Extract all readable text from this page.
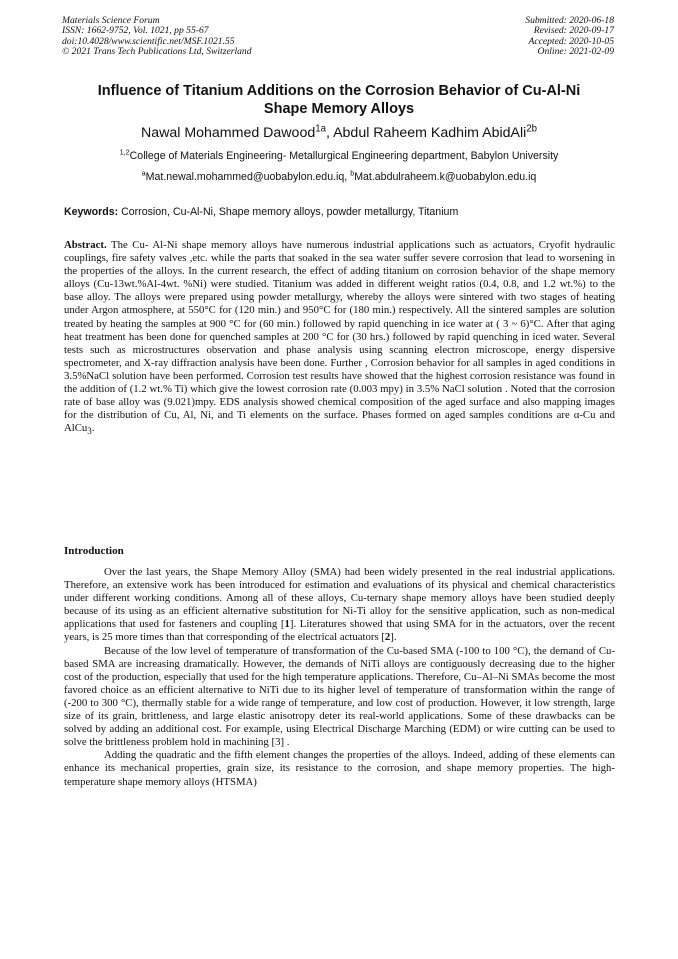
Materials Science Forum
ISSN: 1662-9752, Vol. 1021, pp 55-67
doi:10.4028/www.scientific.net/MSF.1021.55
© 2021 Trans Tech Publications Ltd, Switzerland
Submitted: 2020-06-18
Revised: 2020-09-17
Accepted: 2020-10-05
Online: 2021-02-09
Influence of Titanium Additions on the Corrosion Behavior of Cu-Al-Ni
Shape Memory Alloys
Nawal Mohammed Dawood$^{1a}$, Abdul Raheem Kadhim AbidAli$^{2b}$
$^{1,2}$College of Materials Engineering- Metallurgical Engineering department, Babylon University
$^a$Mat.newal.mohammed@uobabylon.edu.iq, $^b$Mat.abdulraheem.k@uobabylon.edu.iq
Keywords: Corrosion, Cu-Al-Ni, Shape memory alloys, powder metallurgy, Titanium
Abstract. The Cu- Al-Ni shape memory alloys have numerous industrial applications such as actuators, Cryofit hydraulic couplings, fire safety valves ,etc. while the parts that soaked in the sea water suffer severe corrosion that lead to worsening in the properties of the alloys. In the current research, the effect of adding titanium on corrosion behavior of the shape memory alloys (Cu-13wt.%Al-4wt. %Ni) were studied. Titanium was added in different weight ratios (0.4, 0.8, and 1.2 wt.%) to the base alloy. The alloys were prepared using powder metallurgy, whereby the alloys were sintered with two stages of heating under Argon atmosphere, at 550°C for (120 min.) and 950°C for (180 min.) respectively. All the sintered samples are solution treated by heating the samples at 900 °C for (60 min.) followed by rapid quenching in ice water at ( 3 ~ 6)°C. After that aging heat treatment has been done for quenched samples at 200 °C for (30 hrs.) followed by rapid quenching in iced water. Several tests such as microstructures observation and phase analysis using scanning electron microscope, energy dispersive spectrometer, and X-ray diffraction analysis have been done. Further , Corrosion behavior for all samples in aged conditions in 3.5%NaCl solution have been performed. Corrosion test results have showed that the highest corrosion resistance was found in the addition of (1.2 wt.% Ti) which give the lowest corrosion rate (0.003 mpy) in 3.5% NaCl solution . Noted that the corrosion rate of base alloy was (9.021)mpy. EDS analysis showed chemical composition of the aged surface and also mapping images for the distribution of Cu, Al, Ni, and Ti elements on the surface. Phases formed on aged samples conditions are α-Cu and AlCu$_3$.
Introduction

Over the last years, the Shape Memory Alloy (SMA) had been widely presented in the real industrial applications. Therefore, an extensive work has been introduced for estimation and evaluations of its physical and chemical characteristics under different working conditions. Among all of these alloys, Cu-ternary shape memory alloys have been studied deeply because of its using as an efficient alternative substitution for Ni-Ti alloy for the sensitive application, such as non-medical applications that used for fasteners and coupling [1]. Literatures showed that using SMA for in the actuators, over the recent years, is 25 more times than that corresponding of the electrical actuators [2].

Because of the low level of temperature of transformation of the Cu-based SMA (-100 to 100 °C), the demand of Cu-based SMA are increasing dramatically. However, the demands of NiTi alloys are contiguously decreasing due to the higher cost of the production, especially that used for the high temperature applications. Therefore, Cu–Al–Ni SMAs become the most favored choice as an efficient alternative to NiTi due to its higher level of temperature of transformation within the range of (-200 to 300 °C), thermally stable for a wide range of temperature, and low cost of production. However, it low strength, large size of its grain, brittleness, and large elastic anisotropy deter its real-world applications. Some of these drawbacks can be solved by adding an additional cost. For example, using Electrical Discharge Marching (EDM) or wire cutting can be used to solve the brittleness problem hold in machining [3] .

Adding the quadratic and the fifth element changes the properties of the alloys. Indeed, adding of these elements can enhance its mechanical properties, grain size, its resistance to the corrosion, and shape memory properties. The high- temperature shape memory alloys (HTSMA)
